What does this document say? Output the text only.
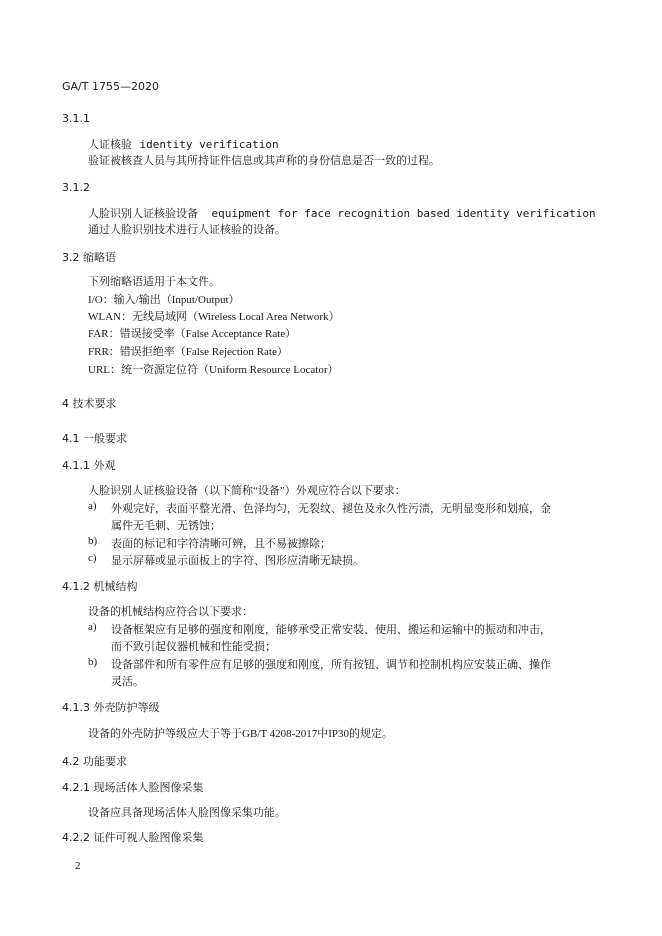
GA/T 1755—2020
3.1.1
人证核验 identity verification
验证被核查人员与其所持证件信息或其声称的身份信息是否一致的过程。
3.1.2
人脸识别人证核验设备 equipment for face recognition based identity verification
通过人脸识别技术进行人证核验的设备。
3.2 缩略语
下列缩略语适用于本文件。
I/O：输入/输出（Input/Output）
WLAN：无线局域网（Wireless Local Area Network）
FAR：错误接受率（False Acceptance Rate）
FRR：错误拒绝率（False Rejection Rate）
URL：统一资源定位符（Uniform Resource Locator）
4 技术要求
4.1 一般要求
4.1.1 外观
人脸识别人证核验设备（以下简称“设备”）外观应符合以下要求：
a) 外观完好，表面平整光滑、色泽均匀，无裂纹、褪色及永久性污渍，无明显变形和划痕，金
属件无毛刺、无锈蚀；
b) 表面的标记和字符清晰可辨，且不易被擦除；
c) 显示屏幕或显示面板上的字符、图形应清晰无缺损。
4.1.2 机械结构
设备的机械结构应符合以下要求：
a) 设备框架应有足够的强度和刚度，能够承受正常安装、使用、搬运和运输中的振动和冲击，
而不致引起仪器机械和性能受损；
b) 设备部件和所有零件应有足够的强度和刚度，所有按钮、调节和控制机构应安装正确、操作
灵活。
4.1.3 外壳防护等级
设备的外壳防护等级应大于等于GB/T 4208-2017中IP30的规定。
4.2 功能要求
4.2.1 现场活体人脸图像采集
设备应具备现场活体人脸图像采集功能。
4.2.2 证件可视人脸图像采集
2
